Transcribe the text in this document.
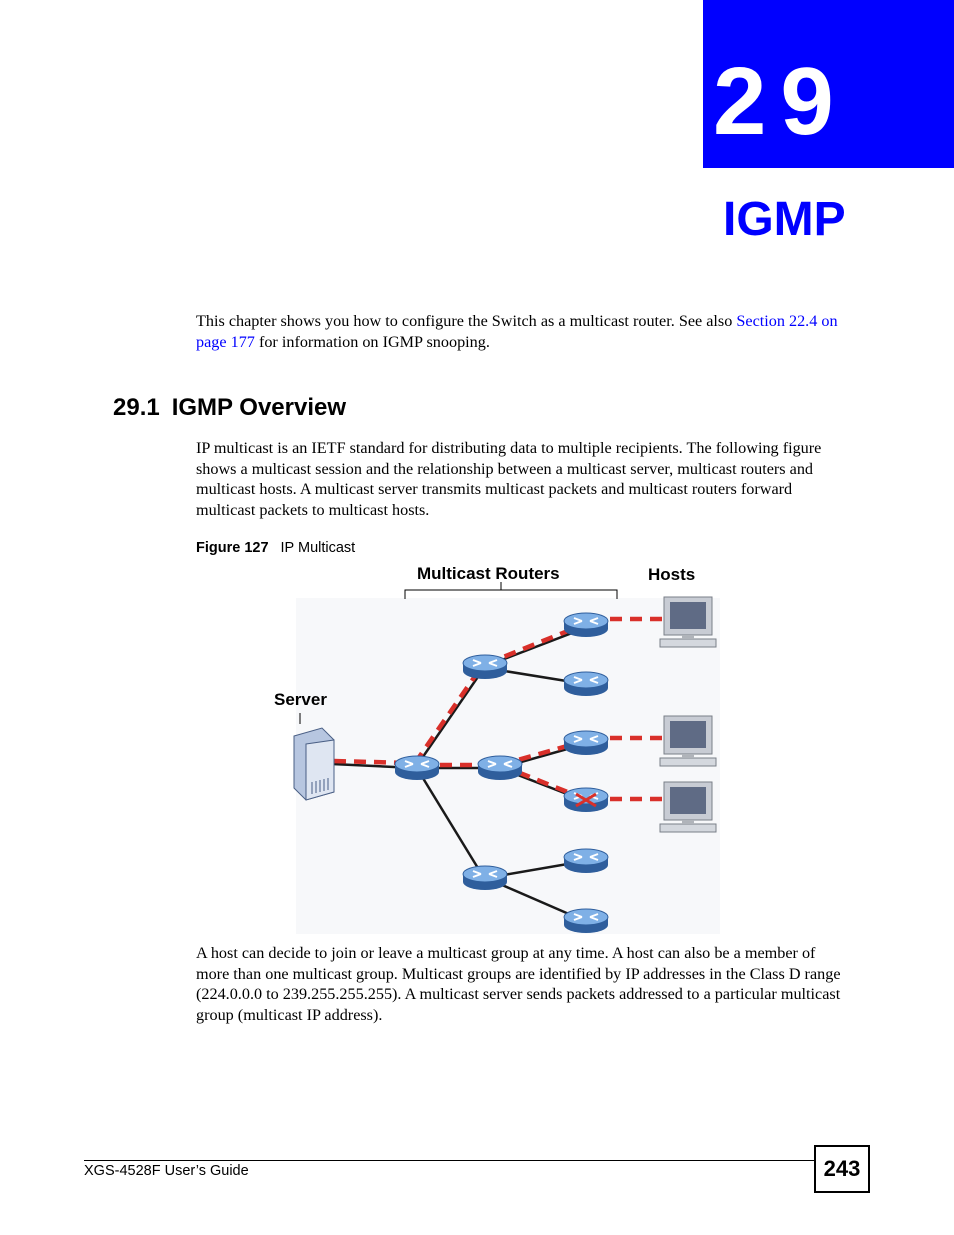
29
IGMP

This chapter shows you how to configure the Switch as a multicast router. See also Section 22.4 on page 177 for information on IGMP snooping.

29.1 IGMP Overview

IP multicast is an IETF standard for distributing data to multiple recipients. The following figure shows a multicast session and the relationship between a multicast server, multicast routers and multicast hosts. A multicast server transmits multicast packets and multicast routers forward multicast packets to multicast hosts.

Figure 127 IP Multicast
Multicast Routers	Hosts
Server

A host can decide to join or leave a multicast group at any time. A host can also be a member of more than one multicast group. Multicast groups are identified by IP addresses in the Class D range (224.0.0.0 to 239.255.255.255). A multicast server sends packets addressed to a particular multicast group (multicast IP address).

XGS-4528F User’s Guide	243
